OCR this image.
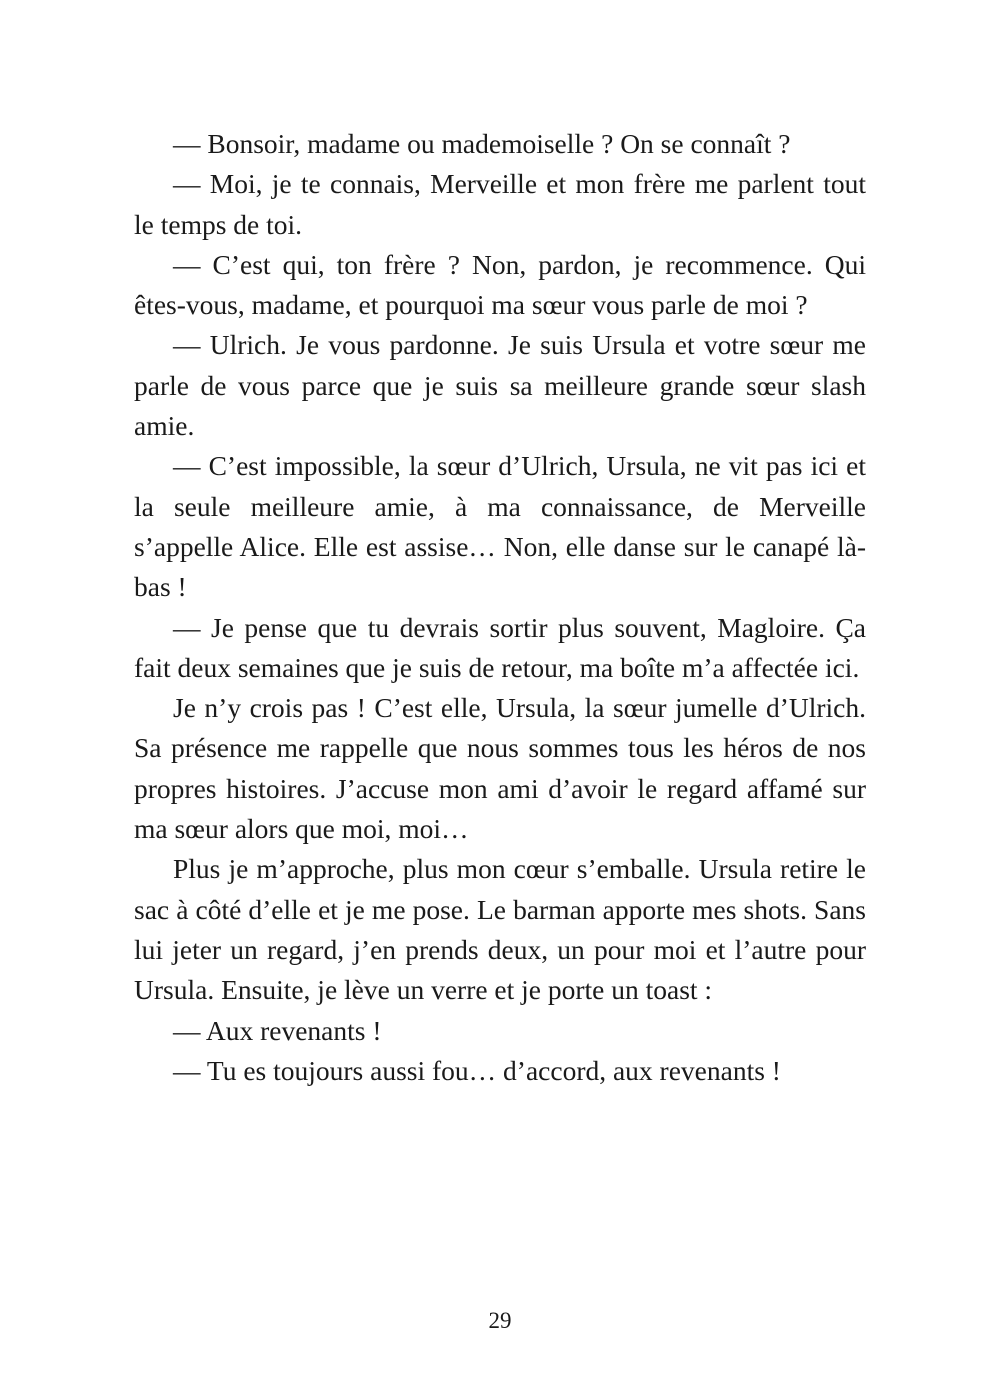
— Bonsoir, madame ou mademoiselle ? On se connaît ?

— Moi, je te connais, Merveille et mon frère me parlent tout le temps de toi.

— C’est qui, ton frère ? Non, pardon, je recommence. Qui êtes-vous, madame, et pourquoi ma sœur vous parle de moi ?

— Ulrich. Je vous pardonne. Je suis Ursula et votre sœur me parle de vous parce que je suis sa meilleure grande sœur slash amie.

— C’est impossible, la sœur d’Ulrich, Ursula, ne vit pas ici et la seule meilleure amie, à ma connaissance, de Merveille s’appelle Alice. Elle est assise… Non, elle danse sur le canapé là-bas !

— Je pense que tu devrais sortir plus souvent, Magloire. Ça fait deux semaines que je suis de retour, ma boîte m’a affectée ici.

Je n’y crois pas ! C’est elle, Ursula, la sœur jumelle d’Ulrich. Sa présence me rappelle que nous sommes tous les héros de nos propres histoires. J’accuse mon ami d’avoir le regard affamé sur ma sœur alors que moi, moi…

Plus je m’approche, plus mon cœur s’emballe. Ursula retire le sac à côté d’elle et je me pose. Le barman apporte mes shots. Sans lui jeter un regard, j’en prends deux, un pour moi et l’autre pour Ursula. Ensuite, je lève un verre et je porte un toast :

— Aux revenants !

— Tu es toujours aussi fou… d’accord, aux revenants !

29
